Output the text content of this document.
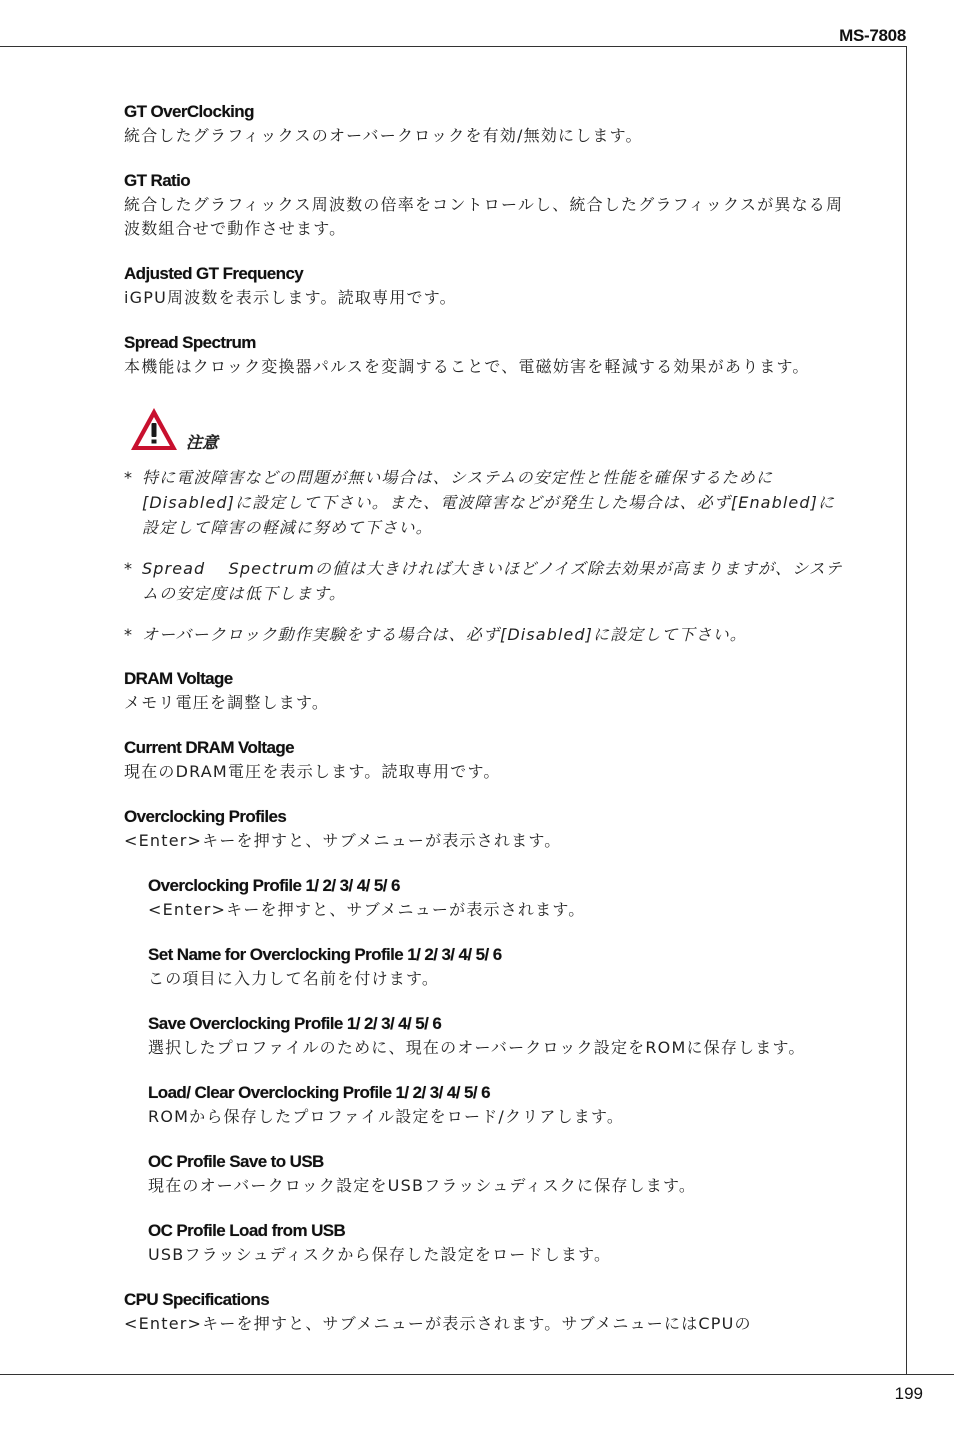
MS-7808
GT OverClocking
統合したグラフィックスのオーバークロックを有効/無効にします。
GT Ratio
統合したグラフィックス周波数の倍率をコントロールし、統合したグラフィックスが異なる周波数組合せで動作させます。
Adjusted GT Frequency
iGPU周波数を表示します。読取専用です。
Spread Spectrum
本機能はクロック変換器パルスを変調することで、電磁妨害を軽減する効果があります。
注意
* 特に電波障害などの問題が無い場合は、システムの安定性と性能を確保するために[Disabled]に設定して下さい。また、電波障害などが発生した場合は、必ず[Enabled]に設定して障害の軽減に努めて下さい。
* Spread　 Spectrumの値は大きければ大きいほどノイズ除去効果が高まりますが、システムの安定度は低下します。
* オーバークロック動作実験をする場合は、必ず[Disabled]に設定して下さい。
DRAM Voltage
メモリ電圧を調整します。
Current DRAM Voltage
現在のDRAM電圧を表示します。読取専用です。
Overclocking Profiles
<Enter>キーを押すと、サブメニューが表示されます。
Overclocking Profile 1/ 2/ 3/ 4/ 5/ 6
<Enter>キーを押すと、サブメニューが表示されます。
Set Name for Overclocking Profile 1/ 2/ 3/ 4/ 5/ 6
この項目に入力して名前を付けます。
Save Overclocking Profile 1/ 2/ 3/ 4/ 5/ 6
選択したプロファイルのために、現在のオーバークロック設定をROMに保存します。
Load/ Clear Overclocking Profile 1/ 2/ 3/ 4/ 5/ 6
ROMから保存したプロファイル設定をロード/クリアします。
OC Profile Save to USB
現在のオーバークロック設定をUSBフラッシュディスクに保存します。
OC Profile Load from USB
USBフラッシュディスクから保存した設定をロードします。
CPU Specifications
<Enter>キーを押すと、サブメニューが表示されます。サブメニューにはCPUの
199
